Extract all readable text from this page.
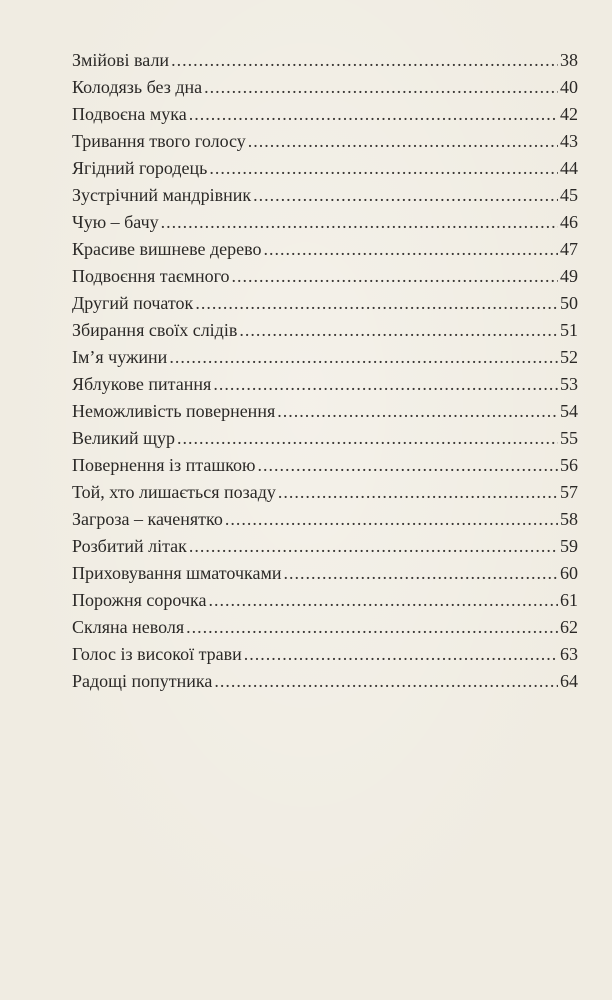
Змійові вали .....	38
Колодязь без дна .....	40
Подвоєна мука .....	42
Тривання твого голосу .....	43
Ягідний городець .....	44
Зустрічний мандрівник .....	45
Чую – бачу .....	46
Красиве вишневе дерево .....	47
Подвоєння таємного .....	49
Другий початок .....	50
Збирання своїх слідів .....	51
Ім’я чужини .....	52
Яблукове питання .....	53
Неможливість повернення .....	54
Великий щур .....	55
Повернення із пташкою .....	56
Той, хто лишається позаду .....	57
Загроза – каченятко .....	58
Розбитий літак .....	59
Приховування шматочками .....	60
Порожня сорочка .....	61
Скляна неволя .....	62
Голос із високої трави .....	63
Радощі попутника .....	64
